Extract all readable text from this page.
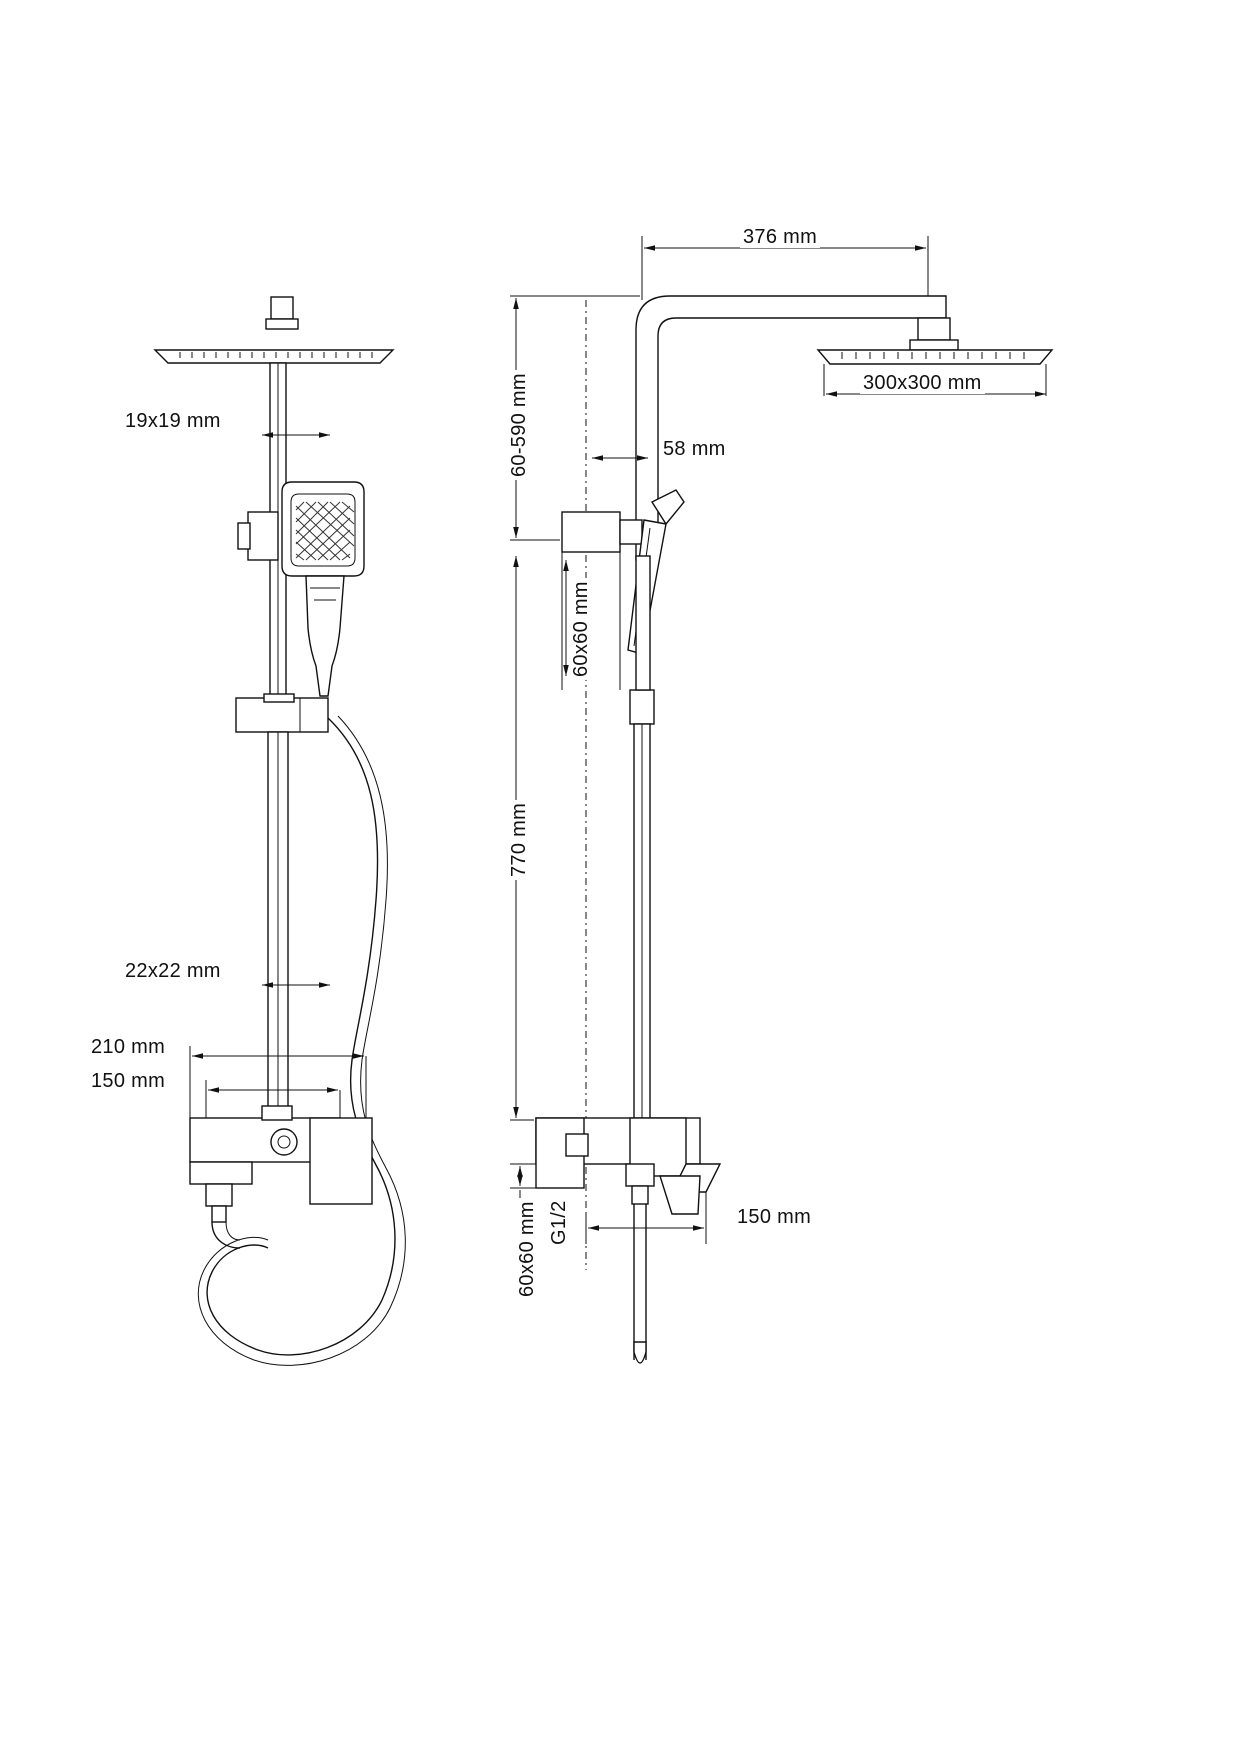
19x19 mm
22x22 mm
210 mm
150 mm
376 mm
300x300 mm
58 mm
150 mm
60-590 mm
770 mm
60x60 mm
60x60 mm G1/2
